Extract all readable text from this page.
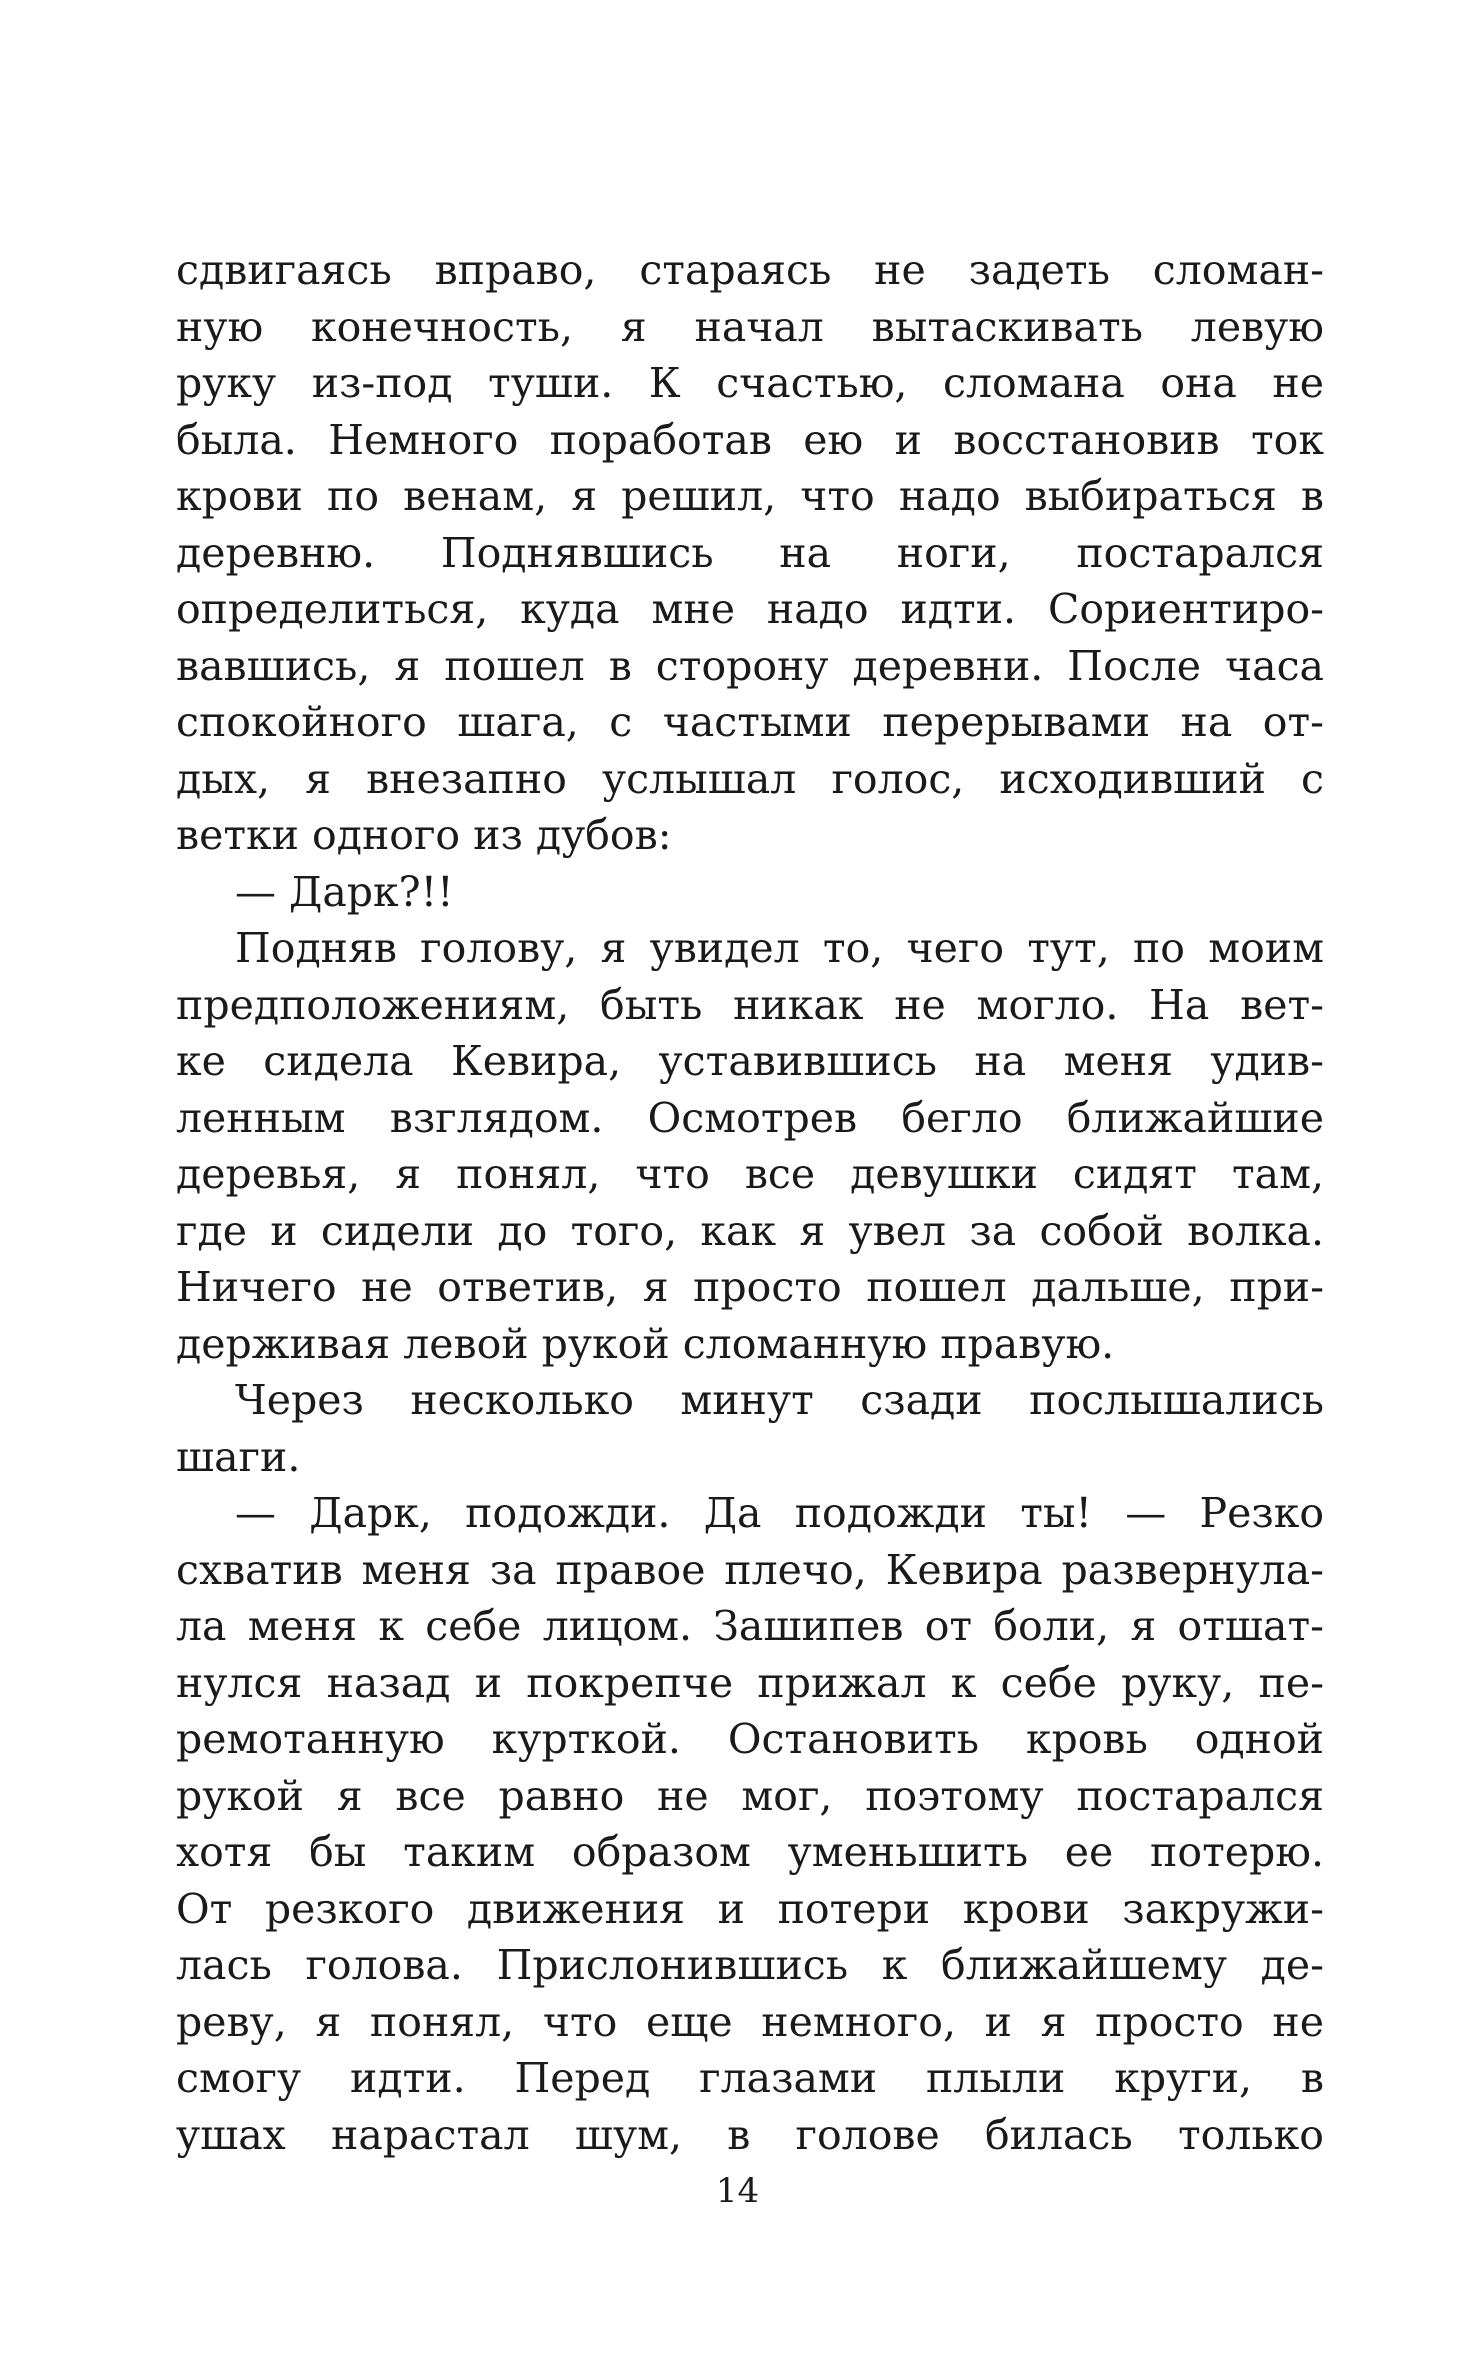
сдвигаясь вправо, стараясь не задеть сломан-
ную конечность, я начал вытаскивать левую
руку из-под туши. К счастью, сломана она не
была. Немного поработав ею и восстановив ток
крови по венам, я решил, что надо выбираться в
деревню. Поднявшись на ноги, постарался
определиться, куда мне надо идти. Сориентиро-
вавшись, я пошел в сторону деревни. После часа
спокойного шага, с частыми перерывами на от-
дых, я внезапно услышал голос, исходивший с
ветки одного из дубов:
— Дарк?!!
Подняв голову, я увидел то, чего тут, по моим
предположениям, быть никак не могло. На вет-
ке сидела Кевира, уставившись на меня удив-
ленным взглядом. Осмотрев бегло ближайшие
деревья, я понял, что все девушки сидят там,
где и сидели до того, как я увел за собой волка.
Ничего не ответив, я просто пошел дальше, при-
держивая левой рукой сломанную правую.
Через несколько минут сзади послышались
шаги.
— Дарк, подожди. Да подожди ты! — Резко
схватив меня за правое плечо, Кевира развернула-
ла меня к себе лицом. Зашипев от боли, я отшат-
нулся назад и покрепче прижал к себе руку, пе-
ремотанную курткой. Остановить кровь одной
рукой я все равно не мог, поэтому постарался
хотя бы таким образом уменьшить ее потерю.
От резкого движения и потери крови закружи-
лась голова. Прислонившись к ближайшему де-
реву, я понял, что еще немного, и я просто не
смогу идти. Перед глазами плыли круги, в
ушах нарастал шум, в голове билась только
14
